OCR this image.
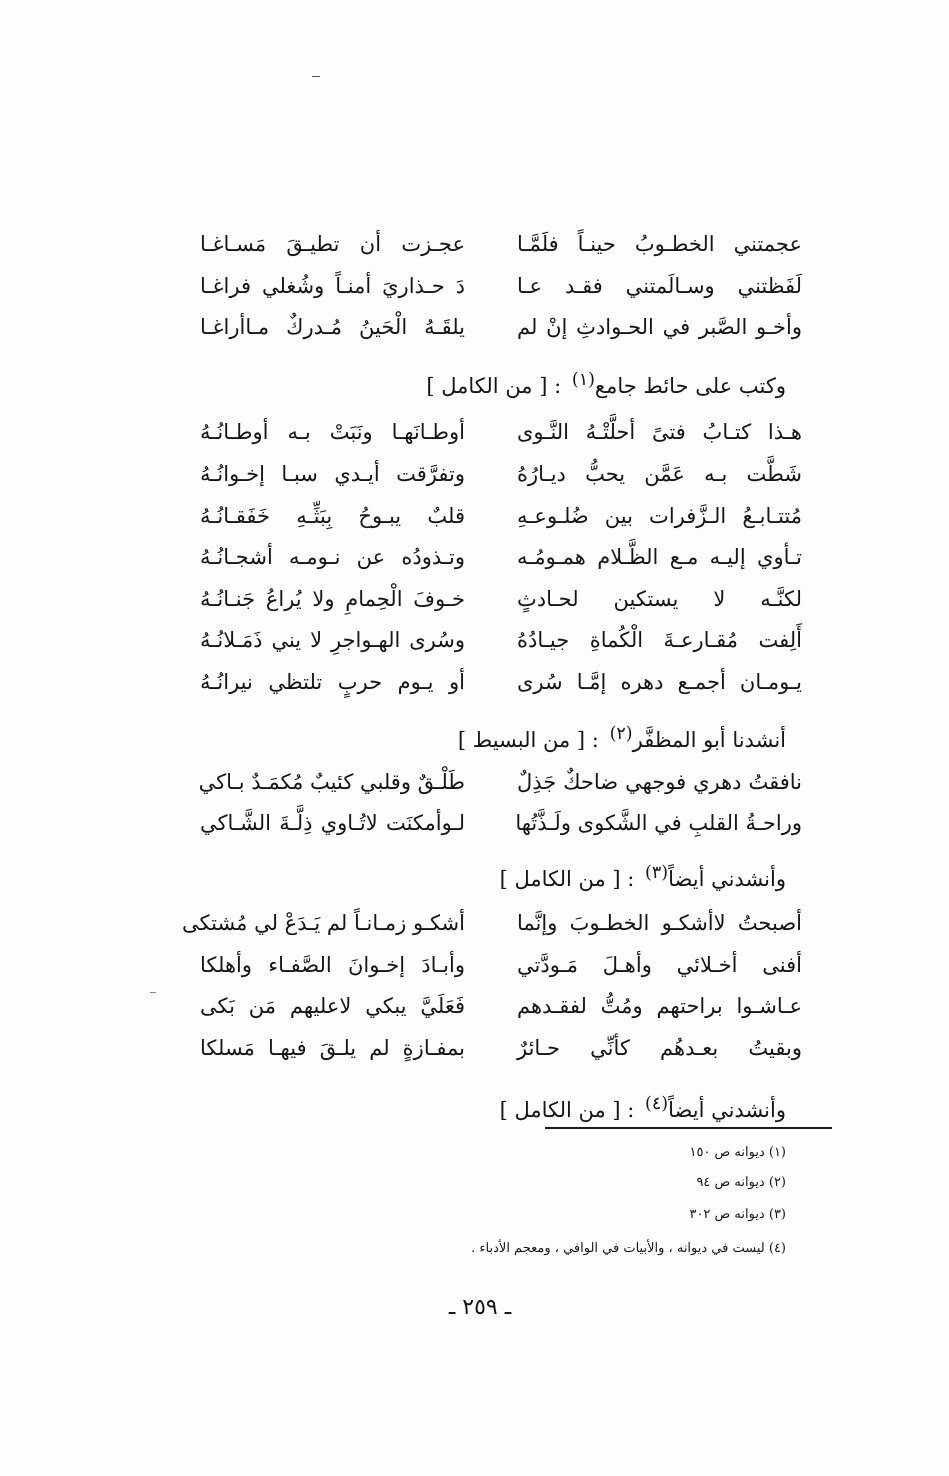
عجمتني الخطـوبُ حينـاً فلَمَّـا
عجـزت أن تطيـقَ مَسـاغـا
لَفَظتني وسـالَمتني فقـد عـا
دَ حـذاريَ أمنـاً وشُغلي فراغـا
وأخـو الصَّبر في الحـوادثِ إنْ لم
يلقَـهُ الْحَينُ مُـدركٌ مـاأراغـا
وكتب على حائط جامع$^{(١)}$ : [ من الكامل ]
هـذا كتـابُ فتىً أحلَّتْـهُ النَّـوى
أوطـانَهـا ونَبَتْ بـه أوطـانُـهُ
شَطَّت بـه عَمَّن يحبُّ ديـارُهُ
وتفرَّقت أيـدي سبـا إخـوانُـهُ
مُتتـابـعُ الـزَّفرات بين ضُلـوعـهِ
قلبٌ يبـوحُ بِبَثِّـهِ خَفَقـانُـهُ
تـأوي إليـه مـع الظَّـلام همـومُـه
وتـذودُه عن نـومـه أشجـانُـهُ
لكنَّـه لا يستكين لحـادثٍ
خـوفَ الْحِمامِ ولا يُراعُ جَنـانُـهُ
أَلِفت مُقـارعـةَ الْكُماةِ جيـادُهُ
وسُرى الهـواجرِ لا يني ذَمَـلانُـهُ
يـومـان أجمـع دهره إمَّـا سُرى
أو يـوم حربٍ تلتظي نيرانُـهُ
أنشدنا أبو المظفَّر$^{(٢)}$ : [ من البسيط ]
نافقتُ دهري فوجهي ضاحكٌ جَذِلٌ
طَلْـقٌ وقلبي كئيبٌ مُكمَـدٌ بـاكي
وراحـةُ القلبِ في الشَّكوى ولَـذَّتُها
لـوأمكنَت لاتُـاوي ذِلَّـةَ الشَّـاكي
وأنشدني أيضاً$^{(٣)}$ : [ من الكامل ]
أصبحتُ لاأشكـو الخطـوبَ وإنَّما
أشكـو زمـانـاً لم يَـدَعْ لي مُشتكى
أفنى أخـلائي وأهـلَ مَـودَّتي
وأبـادَ إخـوانَ الصَّفـاء وأهلكا
عـاشـوا براحتهم ومُتُّ لفقـدهم
فَعَلَيَّ يبكي لاعليهم مَن بَكى
وبقيتُ بعـدهُم كأنِّي حـائرٌ
بمفـازةٍ لم يلـقَ فيهـا مَسلكا
وأنشدني أيضاً$^{(٤)}$ : [ من الكامل ]
(١) ديوانه ص ١٥٠
(٢) ديوانه ص ٩٤
(٣) ديوانه ص ٣٠٢
(٤) ليست في ديوانه ، والأبيات في الوافي ، ومعجم الأدباء .
ـ ٢٥٩ ـ
